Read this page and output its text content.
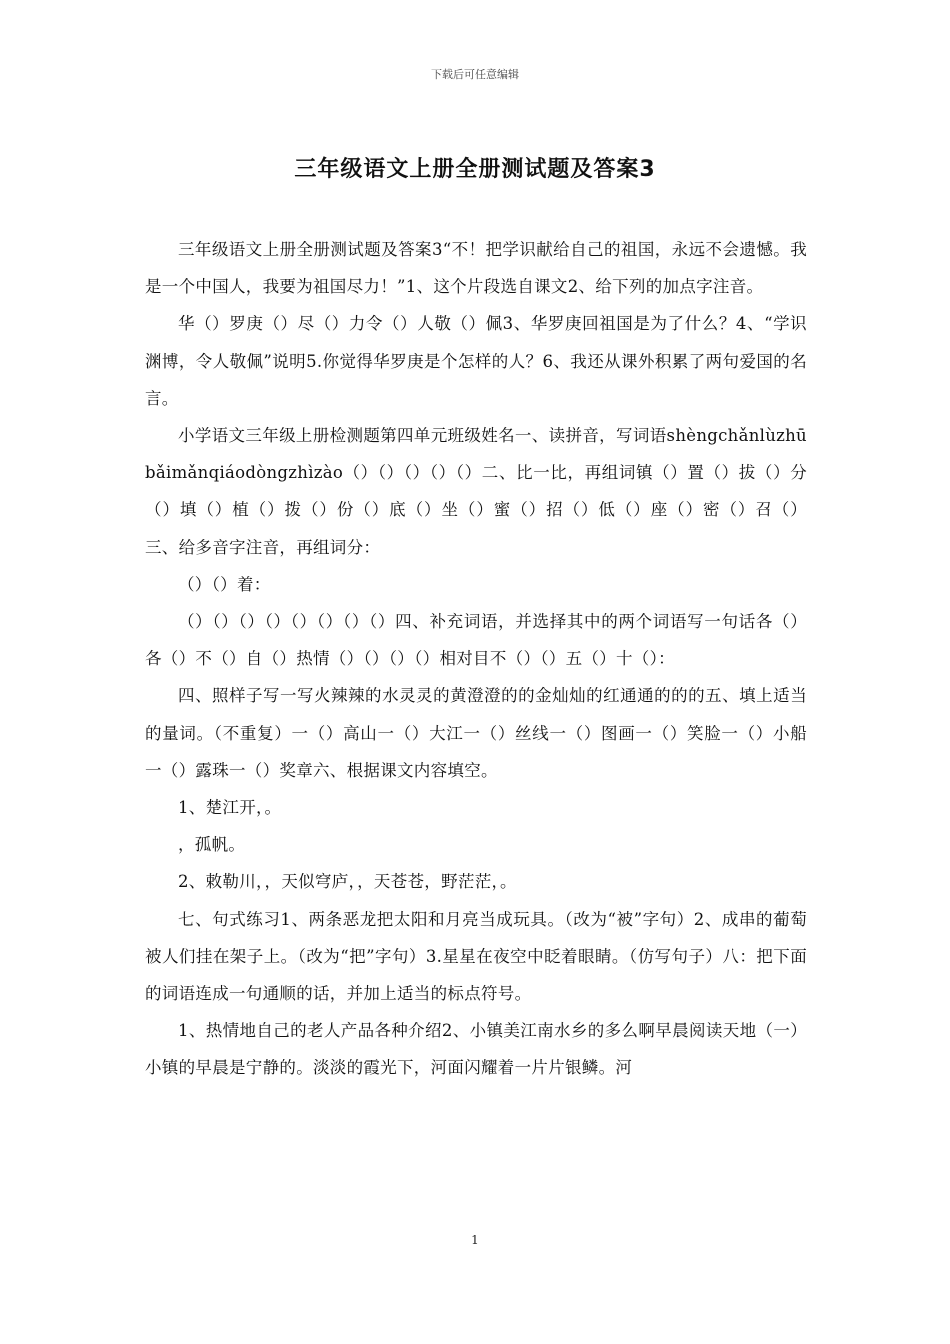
下载后可任意编辑
三年级语文上册全册测试题及答案3

三年级语文上册全册测试题及答案3“不！把学识献给自己的祖国，永远不会遗憾。我是一个中国人，我要为祖国尽力！”1、这个片段选自课文2、给下列的加点字注音。

华（）罗庚（）尽（）力令（）人敬（）佩3、华罗庚回祖国是为了什么？4、“学识渊博，令人敬佩”说明5.你觉得华罗庚是个怎样的人？6、我还从课外积累了两句爱国的名言。

小学语文三年级上册检测题第四单元班级姓名一、读拼音，写词语shèngchǎnlùzhūbǎimǎnqiáodòngzhìzào（）（）（）（）（）二、比一比，再组词镇（）置（）拔（）分（）填（）植（）拨（）份（）底（）坐（）蜜（）招（）低（）座（）密（）召（）三、给多音字注音，再组词分：

（）（）着：

（）（）（）（）（）（）（）（）四、补充词语，并选择其中的两个词语写一句话各（）各（）不（）自（）热情（）（）（）（）相对目不（）（）五（）十（）：

四、照样子写一写火辣辣的水灵灵的黄澄澄的的金灿灿的红通通的的的五、填上适当的量词。（不重复）一（）高山一（）大江一（）丝线一（）图画一（）笑脸一（）小船一（）露珠一（）奖章六、根据课文内容填空。

1、楚江开，。

，孤帆。

2、敕勒川，，天似穹庐，，天苍苍，野茫茫，。

七、句式练习1、两条恶龙把太阳和月亮当成玩具。（改为“被”字句）2、成串的葡萄被人们挂在架子上。（改为“把”字句）3.星星在夜空中眨着眼睛。（仿写句子）八：把下面的词语连成一句通顺的话，并加上适当的标点符号。

1、热情地自己的老人产品各种介绍2、小镇美江南水乡的多么啊早晨阅读天地（一）小镇的早晨是宁静的。淡淡的霞光下，河面闪耀着一片片银鳞。河

1
